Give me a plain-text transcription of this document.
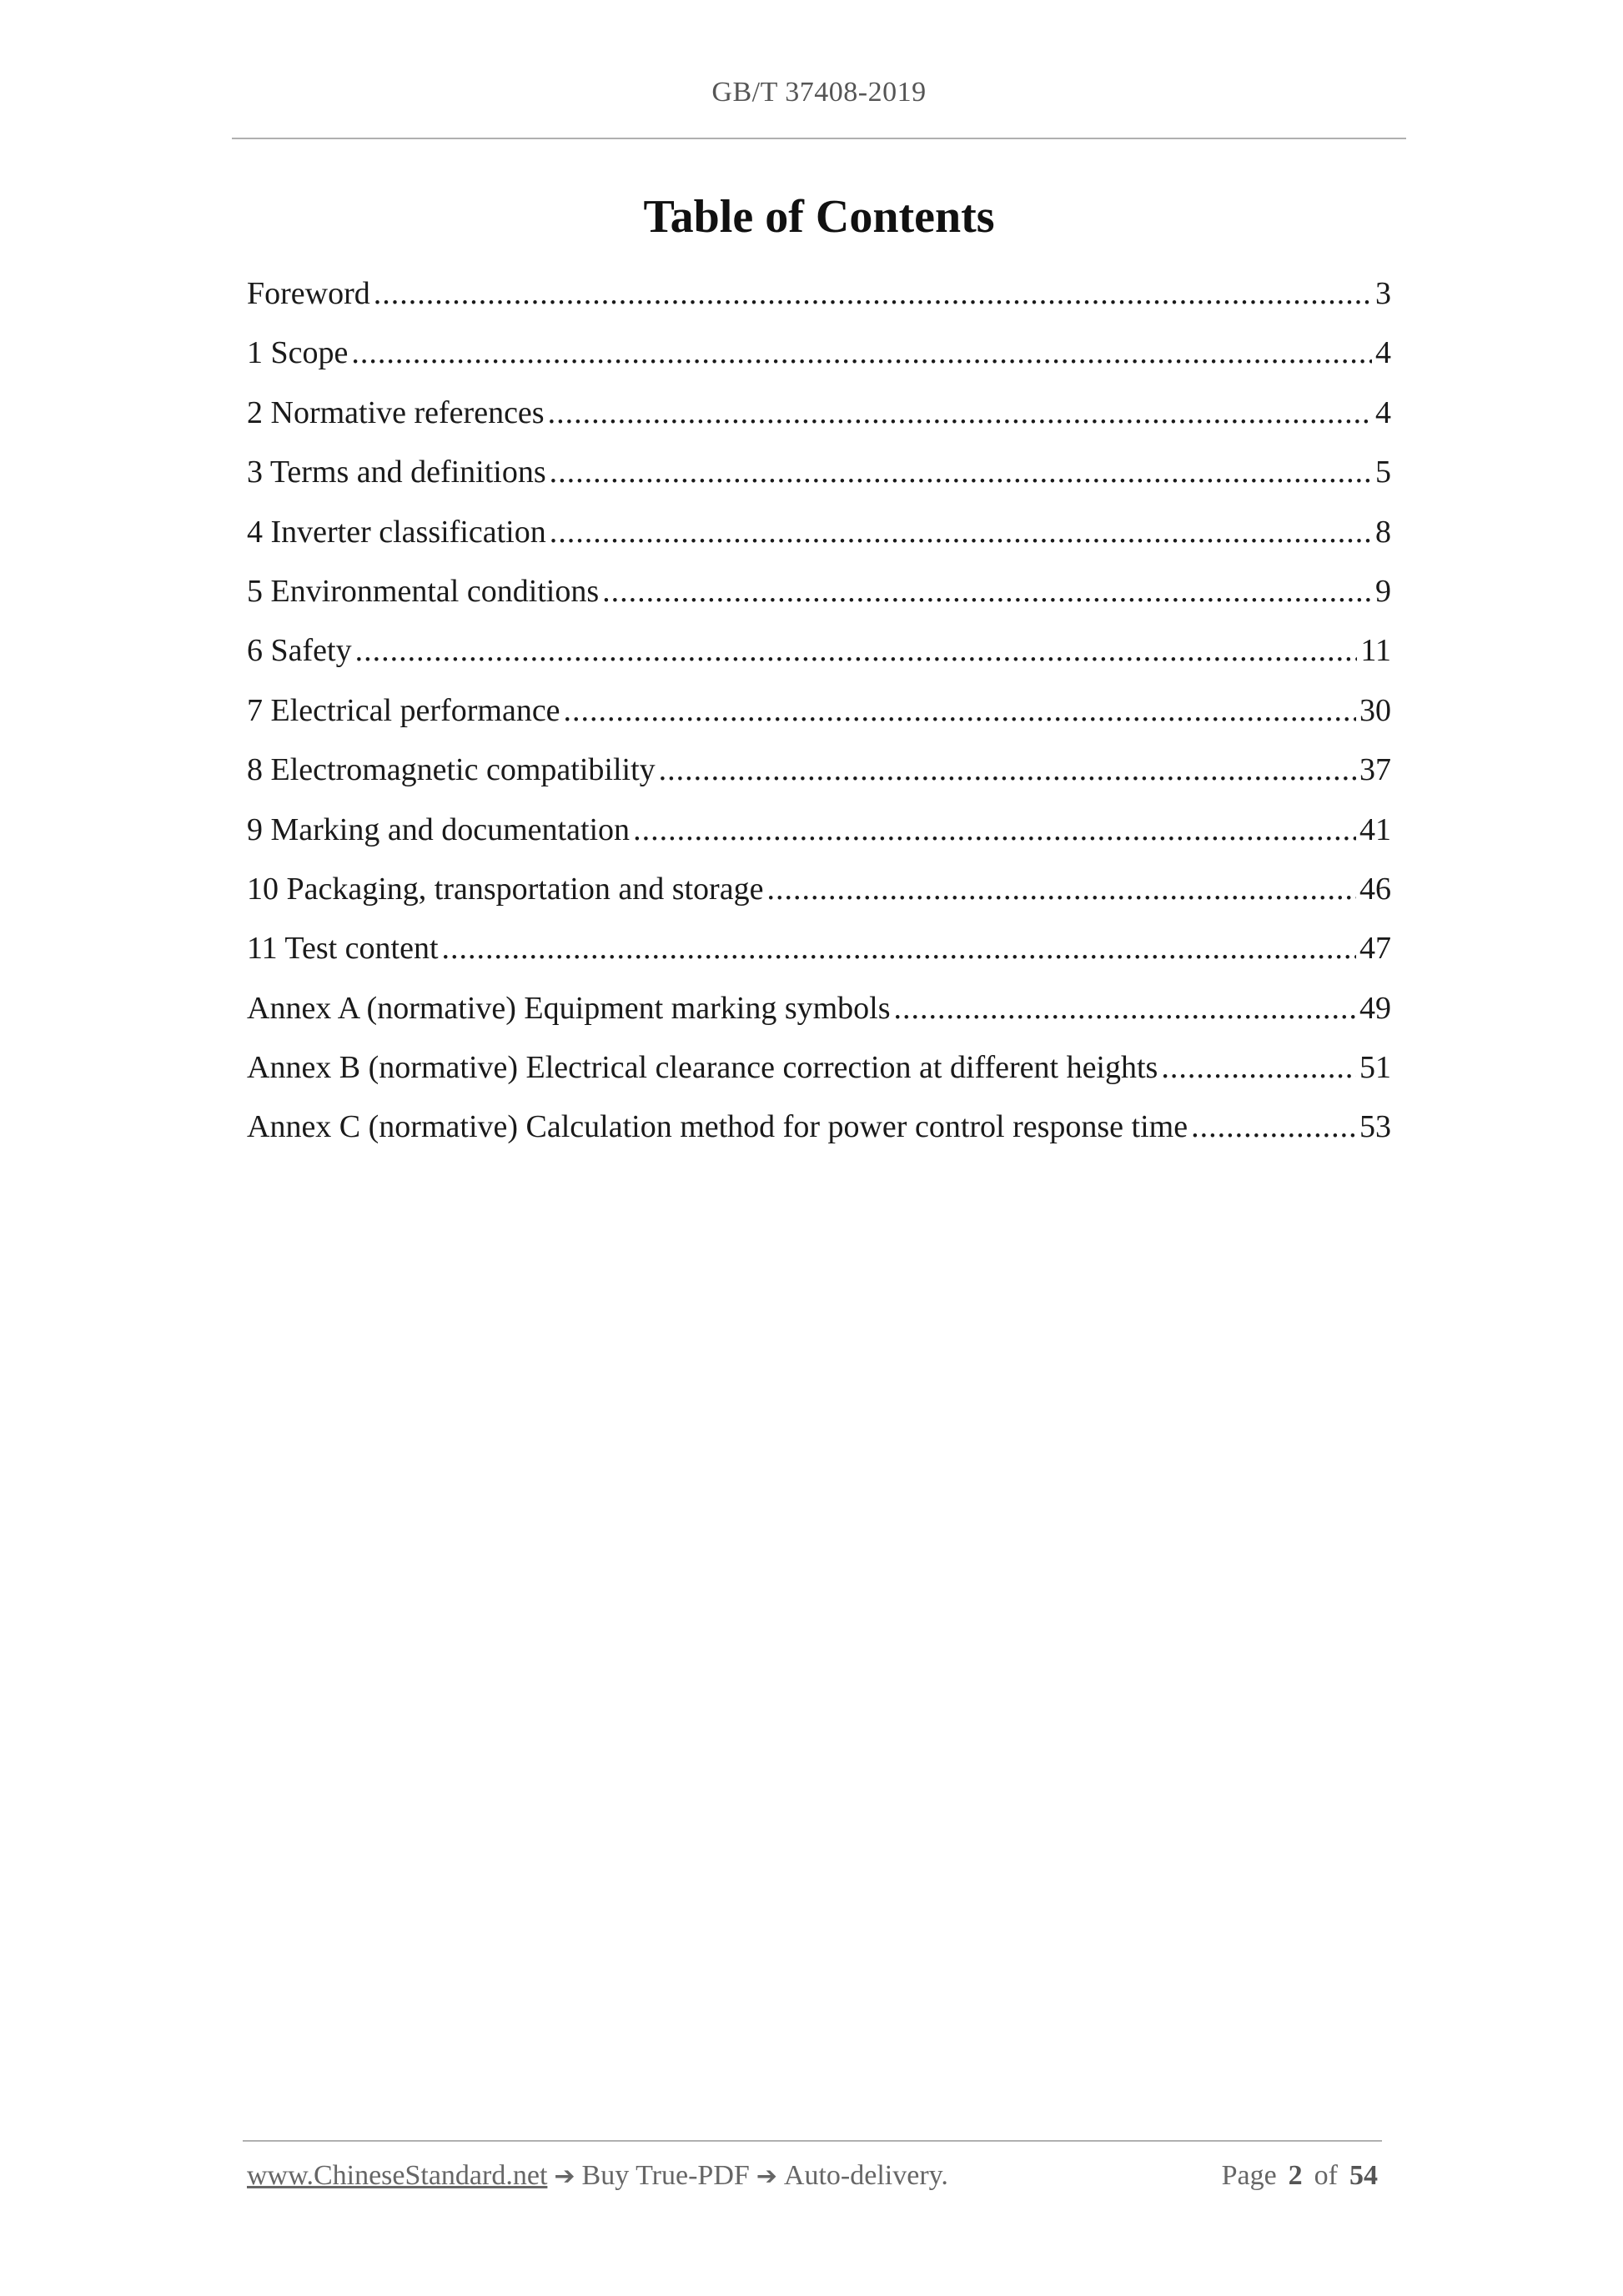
GB/T 37408-2019
Table of Contents
Foreword .....	3
1 Scope .....	4
2 Normative references .....	4
3 Terms and definitions .....	5
4 Inverter classification .....	8
5 Environmental conditions .....	9
6 Safety .....	11
7 Electrical performance .....	30
8 Electromagnetic compatibility .....	37
9 Marking and documentation .....	41
10 Packaging, transportation and storage .....	46
11 Test content .....	47
Annex A (normative) Equipment marking symbols .....	49
Annex B (normative) Electrical clearance correction at different heights .....	51
Annex C (normative) Calculation method for power control response time .....	53
www.ChineseStandard.net ➔ Buy True-PDF ➔ Auto-delivery.	Page 2 of 54
